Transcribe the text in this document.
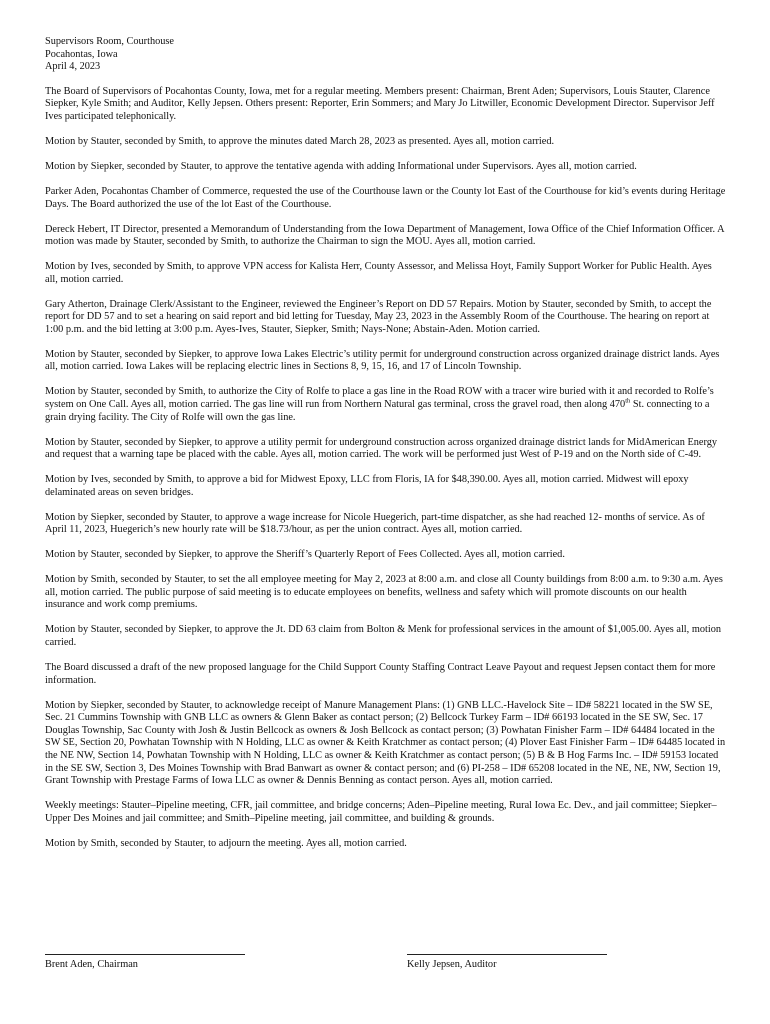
Supervisors Room, Courthouse
Pocahontas, Iowa
April 4, 2023

The Board of Supervisors of Pocahontas County, Iowa, met for a regular meeting. Members present: Chairman, Brent Aden; Supervisors, Louis Stauter, Clarence Siepker, Kyle Smith; and Auditor, Kelly Jepsen. Others present: Reporter, Erin Sommers; and Mary Jo Litwiller, Economic Development Director. Supervisor Jeff Ives participated telephonically.

Motion by Stauter, seconded by Smith, to approve the minutes dated March 28, 2023 as presented. Ayes all, motion carried.

Motion by Siepker, seconded by Stauter, to approve the tentative agenda with adding Informational under Supervisors. Ayes all, motion carried.

Parker Aden, Pocahontas Chamber of Commerce, requested the use of the Courthouse lawn or the County lot East of the Courthouse for kid’s events during Heritage Days. The Board authorized the use of the lot East of the Courthouse.

Dereck Hebert, IT Director, presented a Memorandum of Understanding from the Iowa Department of Management, Iowa Office of the Chief Information Officer. A motion was made by Stauter, seconded by Smith, to authorize the Chairman to sign the MOU. Ayes all, motion carried.

Motion by Ives, seconded by Smith, to approve VPN access for Kalista Herr, County Assessor, and Melissa Hoyt, Family Support Worker for Public Health. Ayes all, motion carried.

Gary Atherton, Drainage Clerk/Assistant to the Engineer, reviewed the Engineer’s Report on DD 57 Repairs. Motion by Stauter, seconded by Smith, to accept the report for DD 57 and to set a hearing on said report and bid letting for Tuesday, May 23, 2023 in the Assembly Room of the Courthouse. The hearing on report at 1:00 p.m. and the bid letting at 3:00 p.m. Ayes-Ives, Stauter, Siepker, Smith; Nays-None; Abstain-Aden. Motion carried.

Motion by Stauter, seconded by Siepker, to approve Iowa Lakes Electric’s utility permit for underground construction across organized drainage district lands. Ayes all, motion carried. Iowa Lakes will be replacing electric lines in Sections 8, 9, 15, 16, and 17 of Lincoln Township.

Motion by Stauter, seconded by Smith, to authorize the City of Rolfe to place a gas line in the Road ROW with a tracer wire buried with it and recorded to Rolfe’s system on One Call. Ayes all, motion carried. The gas line will run from Northern Natural gas terminal, cross the gravel road, then along 470th St. connecting to a grain drying facility. The City of Rolfe will own the gas line.

Motion by Stauter, seconded by Siepker, to approve a utility permit for underground construction across organized drainage district lands for MidAmerican Energy and request that a warning tape be placed with the cable. Ayes all, motion carried. The work will be performed just West of P-19 and on the North side of C-49.

Motion by Ives, seconded by Smith, to approve a bid for Midwest Epoxy, LLC from Floris, IA for $48,390.00. Ayes all, motion carried. Midwest will epoxy delaminated areas on seven bridges.

Motion by Siepker, seconded by Stauter, to approve a wage increase for Nicole Huegerich, part-time dispatcher, as she had reached 12- months of service. As of April 11, 2023, Huegerich’s new hourly rate will be $18.73/hour, as per the union contract. Ayes all, motion carried.

Motion by Stauter, seconded by Siepker, to approve the Sheriff’s Quarterly Report of Fees Collected. Ayes all, motion carried.

Motion by Smith, seconded by Stauter, to set the all employee meeting for May 2, 2023 at 8:00 a.m. and close all County buildings from 8:00 a.m. to 9:30 a.m. Ayes all, motion carried. The public purpose of said meeting is to educate employees on benefits, wellness and safety which will promote discounts on our health insurance and work comp premiums.

Motion by Stauter, seconded by Siepker, to approve the Jt. DD 63 claim from Bolton & Menk for professional services in the amount of $1,005.00. Ayes all, motion carried.

The Board discussed a draft of the new proposed language for the Child Support County Staffing Contract Leave Payout and request Jepsen contact them for more information.

Motion by Siepker, seconded by Stauter, to acknowledge receipt of Manure Management Plans: (1) GNB LLC.-Havelock Site – ID# 58221 located in the SW SE, Sec. 21 Cummins Township with GNB LLC as owners & Glenn Baker as contact person; (2) Bellcock Turkey Farm – ID# 66193 located in the SE SW, Sec. 17 Douglas Township, Sac County with Josh & Justin Bellcock as owners & Josh Bellcock as contact person; (3) Powhatan Finisher Farm – ID# 64484 located in the SW SE, Section 20, Powhatan Township with N Holding, LLC as owner & Keith Kratchmer as contact person; (4) Plover East Finisher Farm – ID# 64485 located in the NE NW, Section 14, Powhatan Township with N Holding, LLC as owner & Keith Kratchmer as contact person; (5) B & B Hog Farms Inc. – ID# 59153 located in the SE SW, Section 3, Des Moines Township with Brad Banwart as owner & contact person; and (6) PI-258 – ID# 65208 located in the NE, NE, NW, Section 19, Grant Township with Prestage Farms of Iowa LLC as owner & Dennis Benning as contact person. Ayes all, motion carried.

Weekly meetings: Stauter–Pipeline meeting, CFR, jail committee, and bridge concerns; Aden–Pipeline meeting, Rural Iowa Ec. Dev., and jail committee; Siepker–Upper Des Moines and jail committee; and Smith–Pipeline meeting, jail committee, and building & grounds.

Motion by Smith, seconded by Stauter, to adjourn the meeting. Ayes all, motion carried.

Brent Aden, Chairman	Kelly Jepsen, Auditor
